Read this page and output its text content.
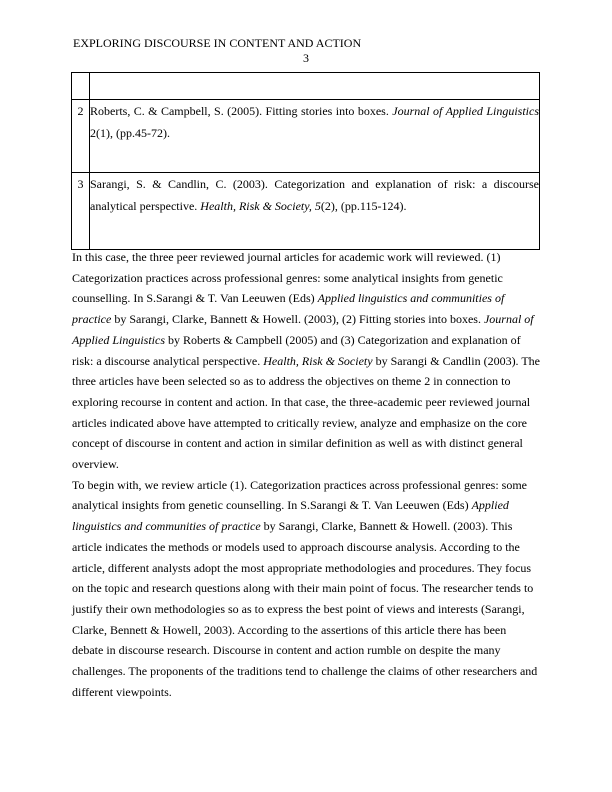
EXPLORING DISCOURSE IN CONTENT AND ACTION
3

2	Roberts, C. & Campbell, S. (2005). Fitting stories into boxes. Journal of Applied Linguistics 2(1), (pp.45-72).

3	Sarangi, S. & Candlin, C. (2003). Categorization and explanation of risk: a discourse analytical perspective. Health, Risk & Society, 5(2), (pp.115-124).

In this case, the three peer reviewed journal articles for academic work will reviewed. (1) Categorization practices across professional genres: some analytical insights from genetic counselling. In S.Sarangi & T. Van Leeuwen (Eds) Applied linguistics and communities of practice by Sarangi, Clarke, Bannett & Howell. (2003), (2) Fitting stories into boxes. Journal of Applied Linguistics by Roberts & Campbell (2005) and (3) Categorization and explanation of risk: a discourse analytical perspective. Health, Risk & Society by Sarangi & Candlin (2003). The three articles have been selected so as to address the objectives on theme 2 in connection to exploring recourse in content and action. In that case, the three-academic peer reviewed journal articles indicated above have attempted to critically review, analyze and emphasize on the core concept of discourse in content and action in similar definition as well as with distinct general overview.

To begin with, we review article (1). Categorization practices across professional genres: some analytical insights from genetic counselling. In S.Sarangi & T. Van Leeuwen (Eds) Applied linguistics and communities of practice by Sarangi, Clarke, Bannett & Howell. (2003). This article indicates the methods or models used to approach discourse analysis. According to the article, different analysts adopt the most appropriate methodologies and procedures. They focus on the topic and research questions along with their main point of focus. The researcher tends to justify their own methodologies so as to express the best point of views and interests (Sarangi, Clarke, Bennett & Howell, 2003). According to the assertions of this article there has been debate in discourse research. Discourse in content and action rumble on despite the many challenges. The proponents of the traditions tend to challenge the claims of other researchers and different viewpoints.
